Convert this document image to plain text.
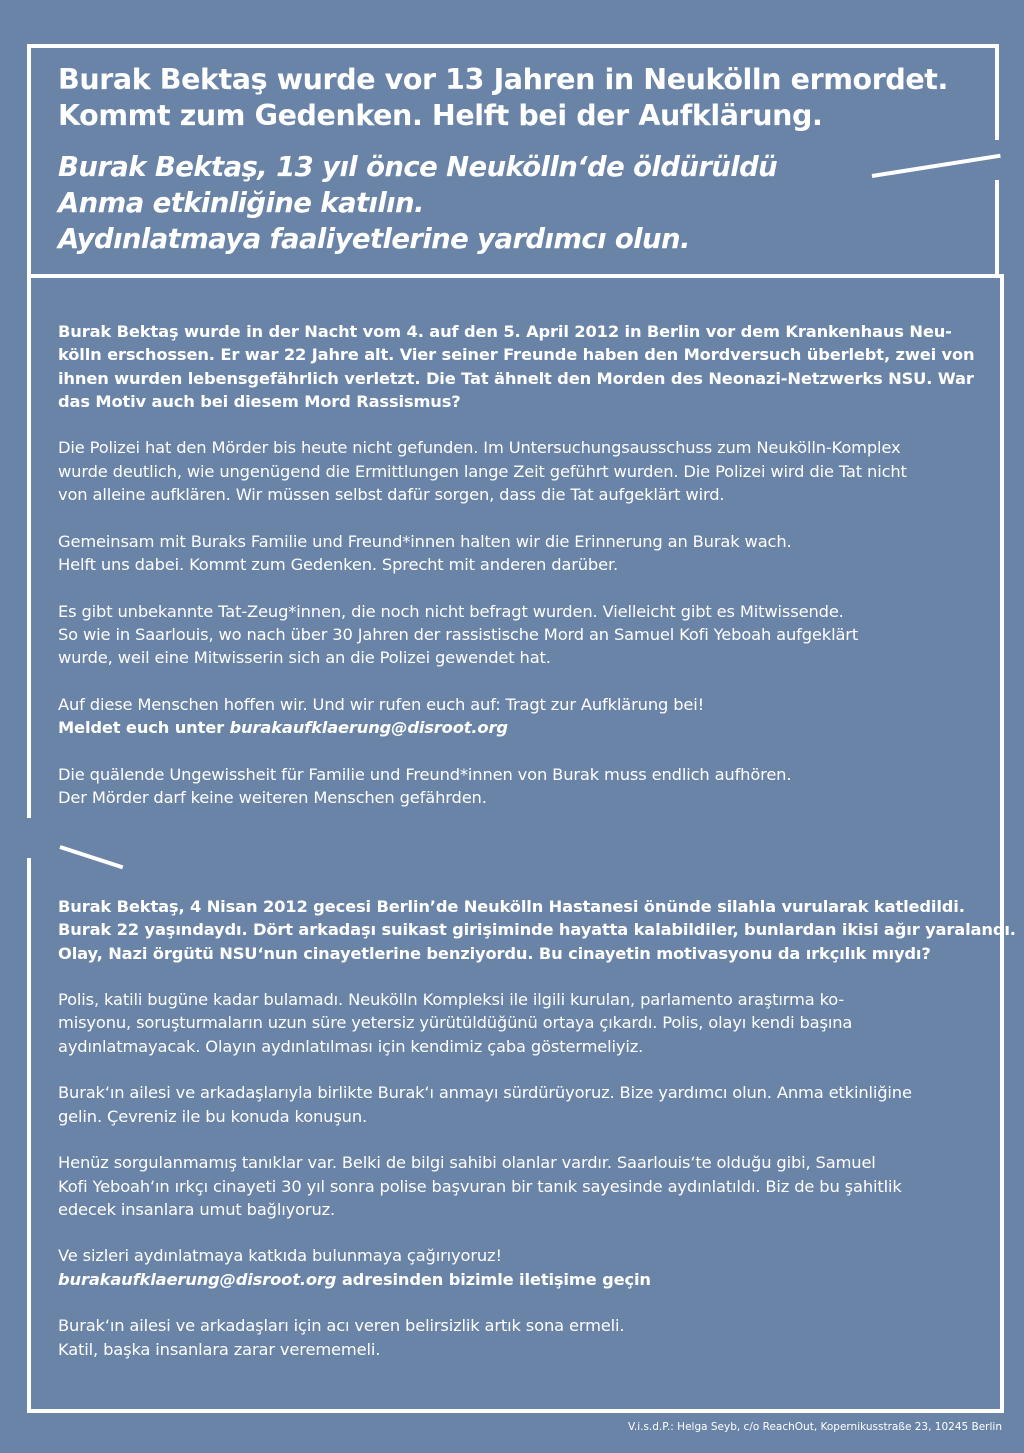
Burak Bektaş wurde vor 13 Jahren in Neukölln ermordet.
Kommt zum Gedenken. Helft bei der Aufklärung.
Burak Bektaş, 13 yıl önce Neukölln‘de öldürüldü
Anma etkinliğine katılın.
Aydınlatmaya faaliyetlerine yardımcı olun.
Burak Bektaş wurde in der Nacht vom 4. auf den 5. April 2012 in Berlin vor dem Krankenhaus Neu-
kölln erschossen. Er war 22 Jahre alt. Vier seiner Freunde haben den Mordversuch überlebt, zwei von
ihnen wurden lebensgefährlich verletzt. Die Tat ähnelt den Morden des Neonazi-Netzwerks NSU. War
das Motiv auch bei diesem Mord Rassismus?
Die Polizei hat den Mörder bis heute nicht gefunden. Im Untersuchungsausschuss zum Neukölln-Komplex
wurde deutlich, wie ungenügend die Ermittlungen lange Zeit geführt wurden. Die Polizei wird die Tat nicht
von alleine aufklären. Wir müssen selbst dafür sorgen, dass die Tat aufgeklärt wird.
Gemeinsam mit Buraks Familie und Freund*innen halten wir die Erinnerung an Burak wach.
Helft uns dabei. Kommt zum Gedenken. Sprecht mit anderen darüber.
Es gibt unbekannte Tat-Zeug*innen, die noch nicht befragt wurden. Vielleicht gibt es Mitwissende.
So wie in Saarlouis, wo nach über 30 Jahren der rassistische Mord an Samuel Kofi Yeboah aufgeklärt
wurde, weil eine Mitwisserin sich an die Polizei gewendet hat.
Auf diese Menschen hoffen wir. Und wir rufen euch auf: Tragt zur Aufklärung bei!
Meldet euch unter burakaufklaerung@disroot.org
Die quälende Ungewissheit für Familie und Freund*innen von Burak muss endlich aufhören.
Der Mörder darf keine weiteren Menschen gefährden.
Burak Bektaş, 4 Nisan 2012 gecesi Berlin’de Neukölln Hastanesi önünde silahla vurularak katledildi.
Burak 22 yaşındaydı. Dört arkadaşı suikast girişiminde hayatta kalabildiler, bunlardan ikisi ağır yaralandı.
Olay, Nazi örgütü NSU‘nun cinayetlerine benziyordu. Bu cinayetin motivasyonu da ırkçılık mıydı?
Polis, katili bugüne kadar bulamadı. Neukölln Kompleksi ile ilgili kurulan, parlamento araştırma ko-
misyonu, soruşturmaların uzun süre yetersiz yürütüldüğünü ortaya çıkardı. Polis, olayı kendi başına
aydınlatmayacak. Olayın aydınlatılması için kendimiz çaba göstermeliyiz.
Burak‘ın ailesi ve arkadaşlarıyla birlikte Burak‘ı anmayı sürdürüyoruz. Bize yardımcı olun. Anma etkinliğine
gelin. Çevreniz ile bu konuda konuşun.
Henüz sorgulanmamış tanıklar var. Belki de bilgi sahibi olanlar vardır. Saarlouis‘te olduğu gibi, Samuel
Kofi Yeboah‘ın ırkçı cinayeti 30 yıl sonra polise başvuran bir tanık sayesinde aydınlatıldı. Biz de bu şahitlik
edecek insanlara umut bağlıyoruz.
Ve sizleri aydınlatmaya katkıda bulunmaya çağırıyoruz!
burakaufklaerung@disroot.org adresinden bizimle iletişime geçin
Burak‘ın ailesi ve arkadaşları için acı veren belirsizlik artık sona ermeli.
Katil, başka insanlara zarar verememeli.
V.i.s.d.P.: Helga Seyb, c/o ReachOut, Kopernikusstraße 23, 10245 Berlin
